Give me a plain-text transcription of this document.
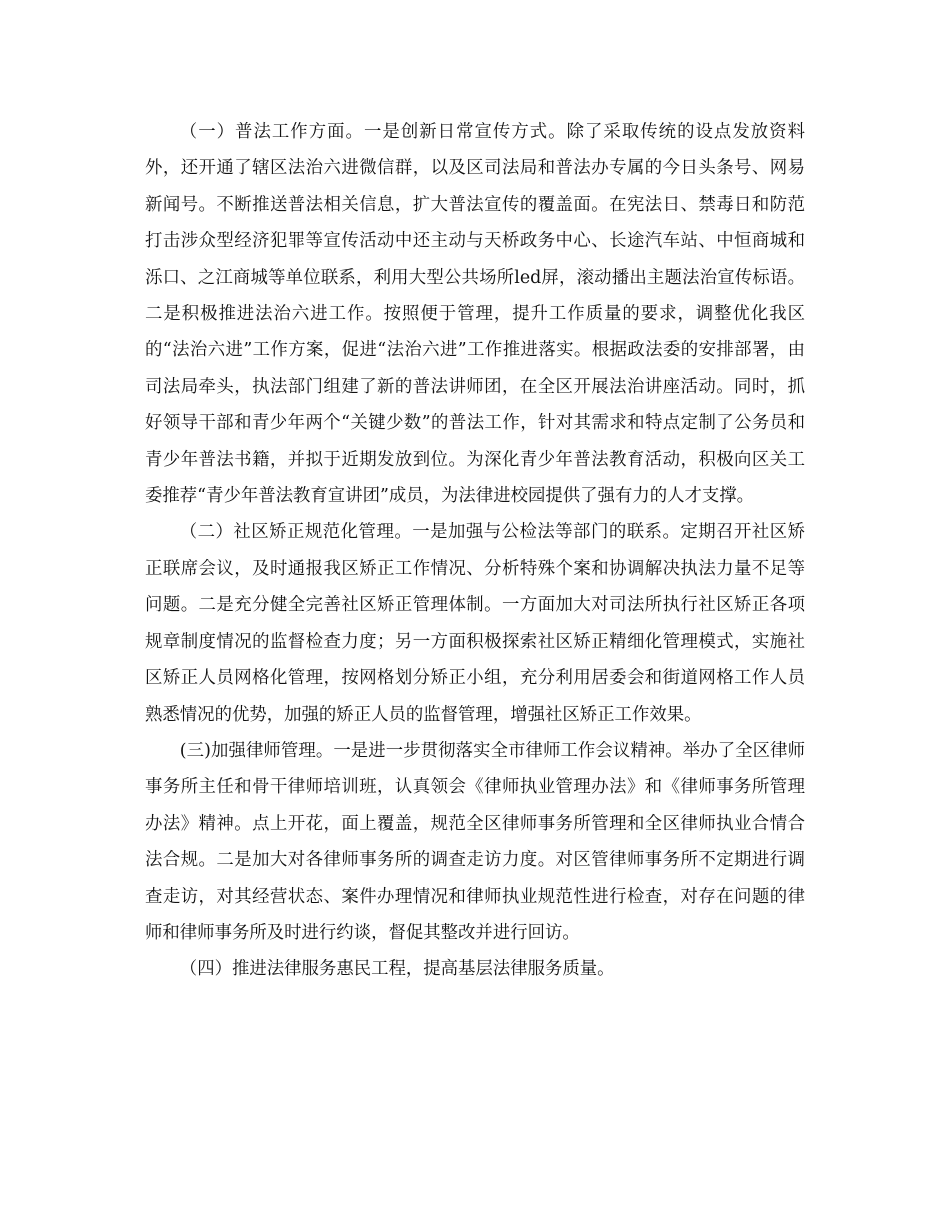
（一）普法工作方面。一是创新日常宣传方式。除了采取传统的设点发放资料外，还开通了辖区法治六进微信群，以及区司法局和普法办专属的今日头条号、网易新闻号。不断推送普法相关信息，扩大普法宣传的覆盖面。在宪法日、禁毒日和防范打击涉众型经济犯罪等宣传活动中还主动与天桥政务中心、长途汽车站、中恒商城和泺口、之江商城等单位联系，利用大型公共场所led屏，滚动播出主题法治宣传标语。二是积极推进法治六进工作。按照便于管理，提升工作质量的要求，调整优化我区的“法治六进”工作方案，促进“法治六进”工作推进落实。根据政法委的安排部署，由司法局牵头，执法部门组建了新的普法讲师团，在全区开展法治讲座活动。同时，抓好领导干部和青少年两个“关键少数”的普法工作，针对其需求和特点定制了公务员和青少年普法书籍，并拟于近期发放到位。为深化青少年普法教育活动，积极向区关工委推荐“青少年普法教育宣讲团”成员，为法律进校园提供了强有力的人才支撑。

（二）社区矫正规范化管理。一是加强与公检法等部门的联系。定期召开社区矫正联席会议，及时通报我区矫正工作情况、分析特殊个案和协调解决执法力量不足等问题。二是充分健全完善社区矫正管理体制。一方面加大对司法所执行社区矫正各项规章制度情况的监督检查力度；另一方面积极探索社区矫正精细化管理模式，实施社区矫正人员网格化管理，按网格划分矫正小组，充分利用居委会和街道网格工作人员熟悉情况的优势，加强的矫正人员的监督管理，增强社区矫正工作效果。

(三)加强律师管理。一是进一步贯彻落实全市律师工作会议精神。举办了全区律师事务所主任和骨干律师培训班，认真领会《律师执业管理办法》和《律师事务所管理办法》精神。点上开花，面上覆盖，规范全区律师事务所管理和全区律师执业合情合法合规。二是加大对各律师事务所的调查走访力度。对区管律师事务所不定期进行调查走访，对其经营状态、案件办理情况和律师执业规范性进行检查，对存在问题的律师和律师事务所及时进行约谈，督促其整改并进行回访。

（四）推进法律服务惠民工程，提高基层法律服务质量。
